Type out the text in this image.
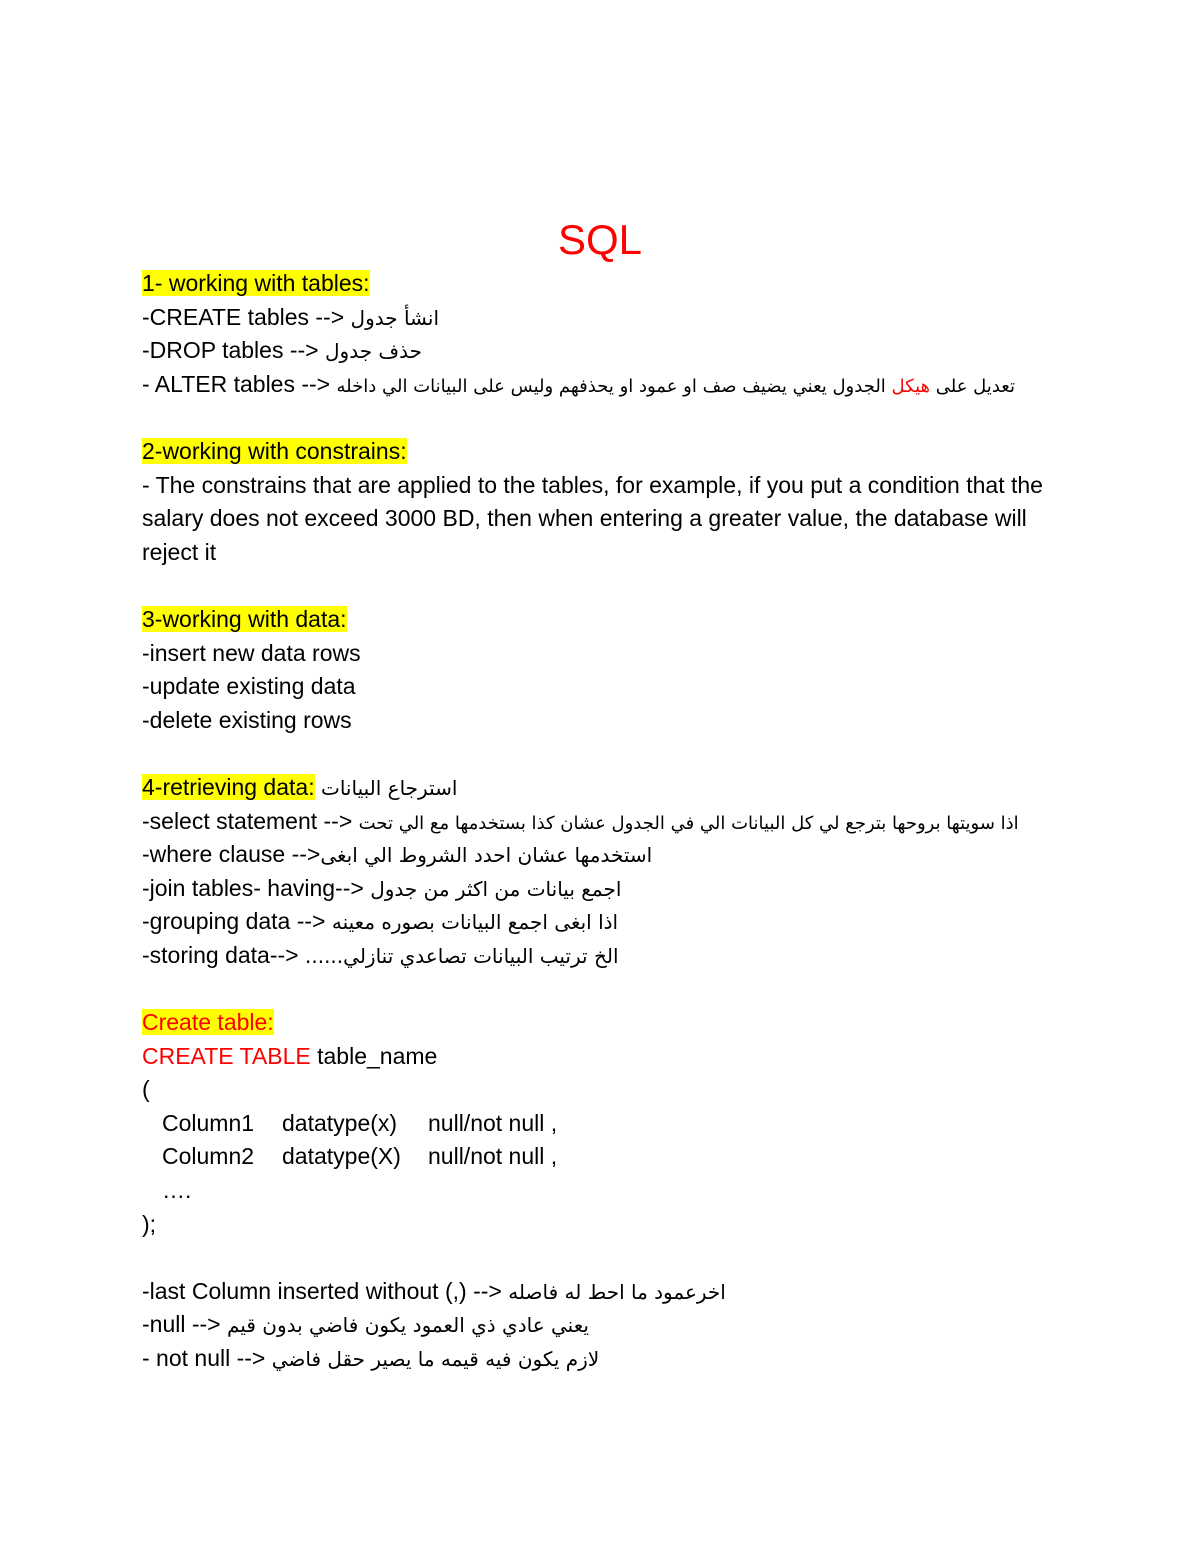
SQL
1- working with tables:
-CREATE tables --> انشأ جدول
-DROP tables --> حذف جدول
- ALTER tables -->	تعديل على هيكل الجدول يعني يضيف صف او عمود او يحذفهم وليس على البيانات الي داخله
2-working with constrains:
- The constrains that are applied to the tables, for example, if you put a condition that the salary does not exceed 3000 BD, then when entering a greater value, the database will reject it
3-working with data:
-insert new data rows
-update existing data
-delete existing rows
4-retrieving data: استرجاع البيانات
-select statement --> اذا سويتها بروحها بترجع لي كل البيانات الي في الجدول عشان كذا بستخدمها مع الي تحت
-where clause -->استخدمها عشان احدد الشروط الي ابغى
-join tables- having--> اجمع بيانات من اكثر من جدول
-grouping data --> اذا ابغى اجمع البيانات بصوره معينه
-storing data--> ......الخ ترتيب البيانات تصاعدي تنازلي
Create table:
CREATE TABLE table_name
(
Column1 datatype(x) null/not null ,
Column2 datatype(X) null/not null ,
….
);
-last Column inserted without (,) --> اخرعمود ما احط له فاصله
-null --> يعني عادي ذي العمود يكون فاضي بدون قيم
- not null --> لازم يكون فيه قيمه ما يصير حقل فاضي
